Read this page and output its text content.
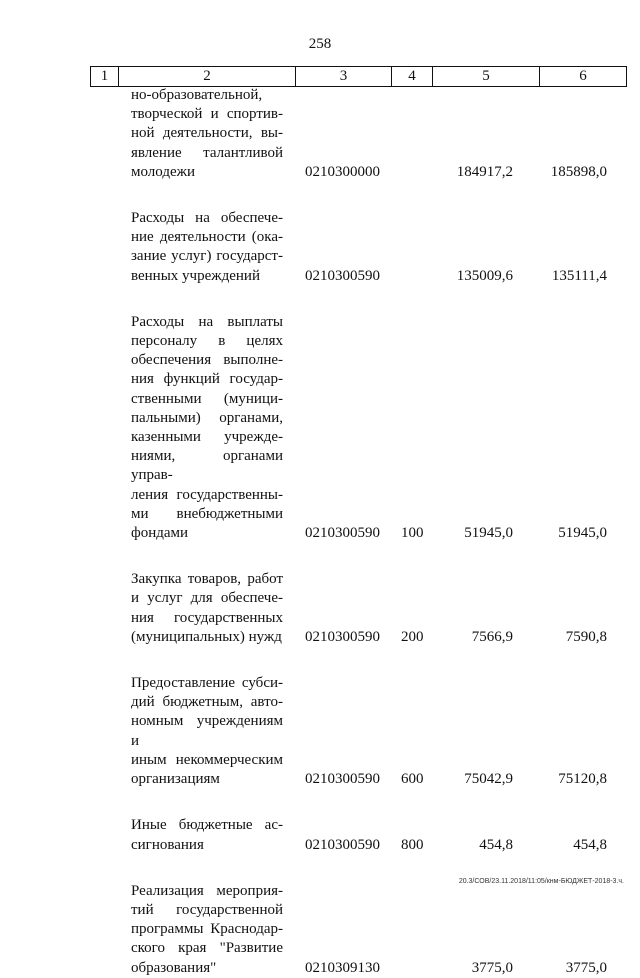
258
1	2	3	4	5	6
но-образовательной,
творческой и спортив-
ной деятельности, вы-
явление талантливой
молодежи	0210300000	184917,2	185898,0
Расходы на обеспече-
ние деятельности (ока-
зание услуг) государст-
венных учреждений	0210300590	135009,6	135111,4
Расходы на выплаты
персоналу в целях
обеспечения выполне-
ния функций государ-
ственными (муници-
пальными) органами,
казенными учрежде-
ниями, органами управ-
ления государственны-
ми внебюджетными
фондами	0210300590 100	51945,0	51945,0
Закупка товаров, работ
и услуг для обеспече-
ния государственных
(муниципальных) нужд 0210300590 200	7566,9	7590,8
Предоставление субси-
дий бюджетным, авто-
номным учреждениям и
иным некоммерческим
организациям	0210300590 600	75042,9	75120,8
Иные бюджетные ас-
сигнования	0210300590 800	454,8	454,8
Реализация мероприя-
тий государственной
программы Краснодар-
ского края "Развитие
образования"	0210309130	3775,0	3775,0
20.3/СОВ/23.11.2018/11:05/кнм-БЮДЖЕТ-2018-3.ч.
